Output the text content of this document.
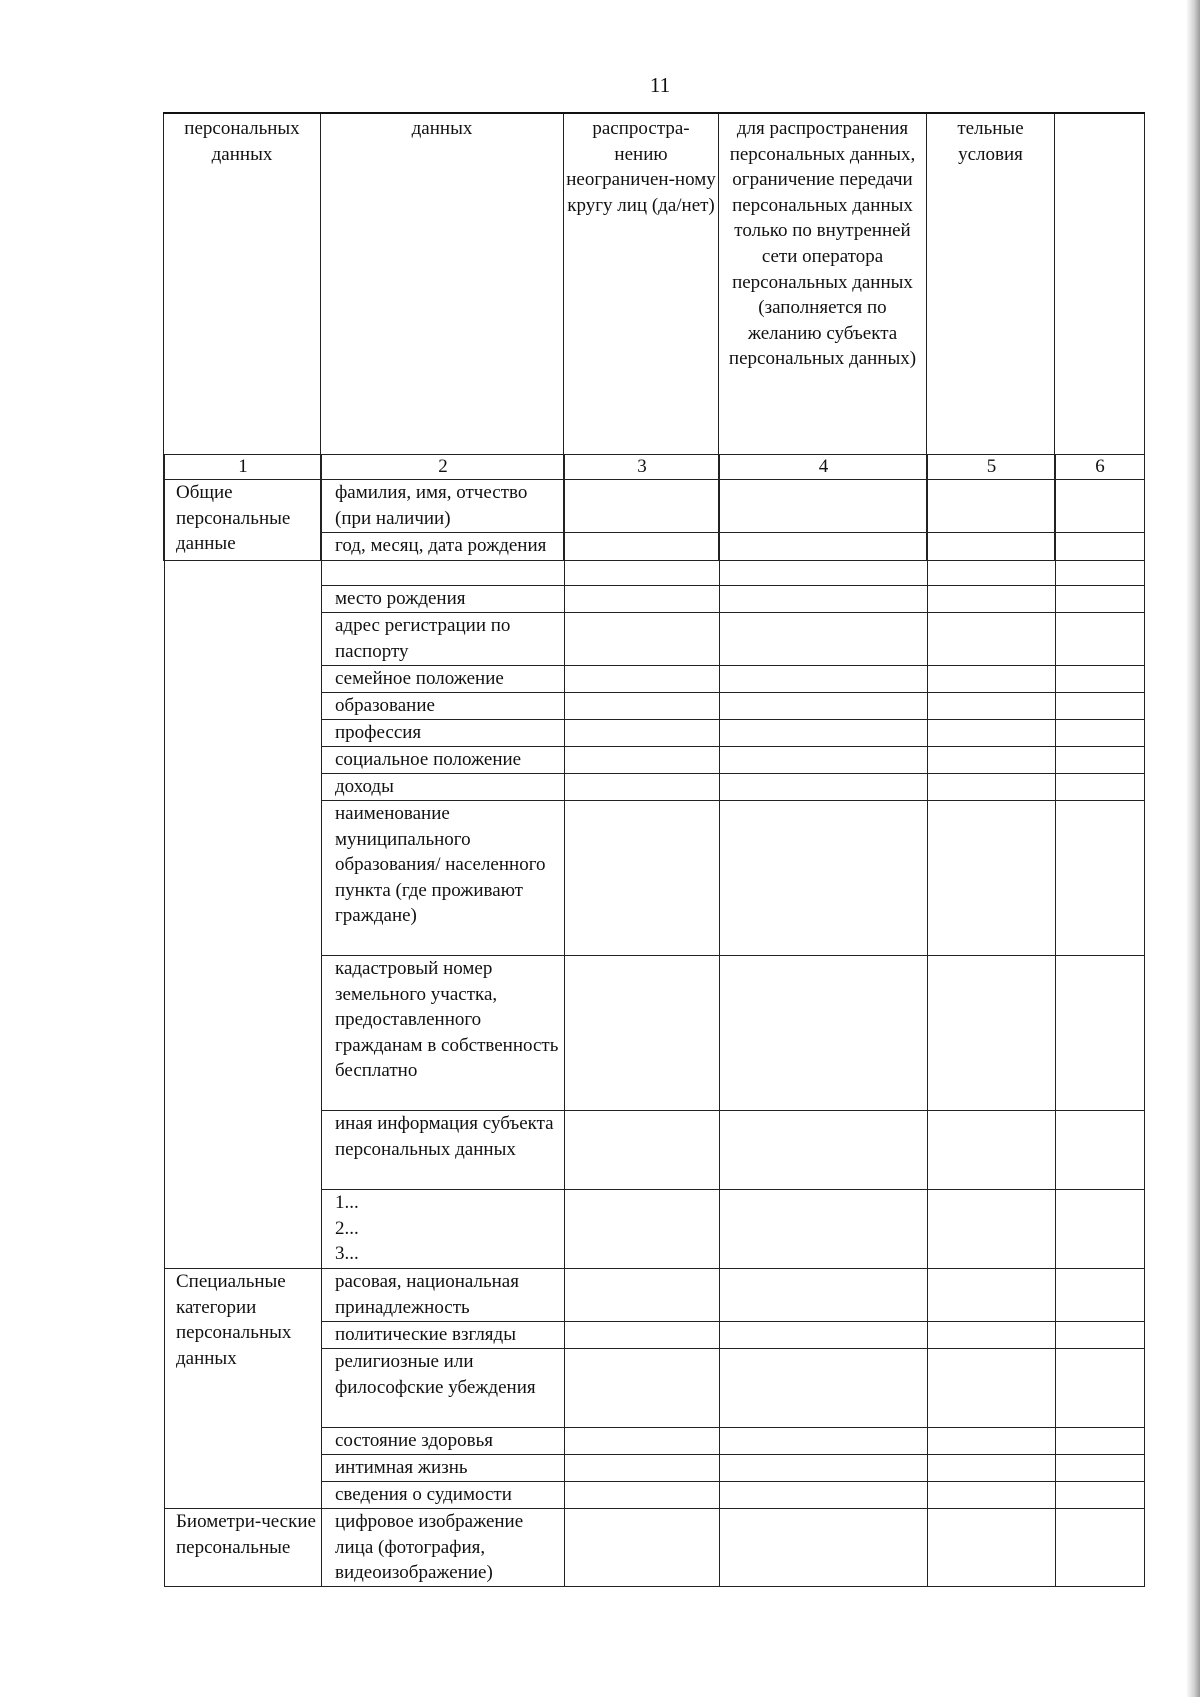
11
персональных данных	данных	распростра-нению неограничен-ному кругу лиц (да/нет)	для распространения персональных данных, ограничение передачи персональных данных только по внутренней сети оператора персональных данных (заполняется по желанию субъекта персональных данных)	тельные условия	
1	2	3	4	5	6
Общие персональные данные	фамилия, имя, отчество (при наличии)				
	год, месяц, дата рождения				
	место рождения				
	адрес регистрации по паспорту				
	семейное положение				
	образование				
	профессия				
	социальное положение				
	доходы				
	наименование муниципального образования/ населенного пункта (где проживают граждане)				
	кадастровый номер земельного участка, предоставленного гражданам в собственность бесплатно				
	иная информация субъекта персональных данных				
	1...
2...
3...				
Специальные категории персональных данных	расовая, национальная принадлежность				
	политические взгляды				
	религиозные или философские убеждения				
	состояние здоровья				
	интимная жизнь				
	сведения о судимости				
Биометри-ческие персональные	цифровое изображение лица (фотография, видеоизображение)				
